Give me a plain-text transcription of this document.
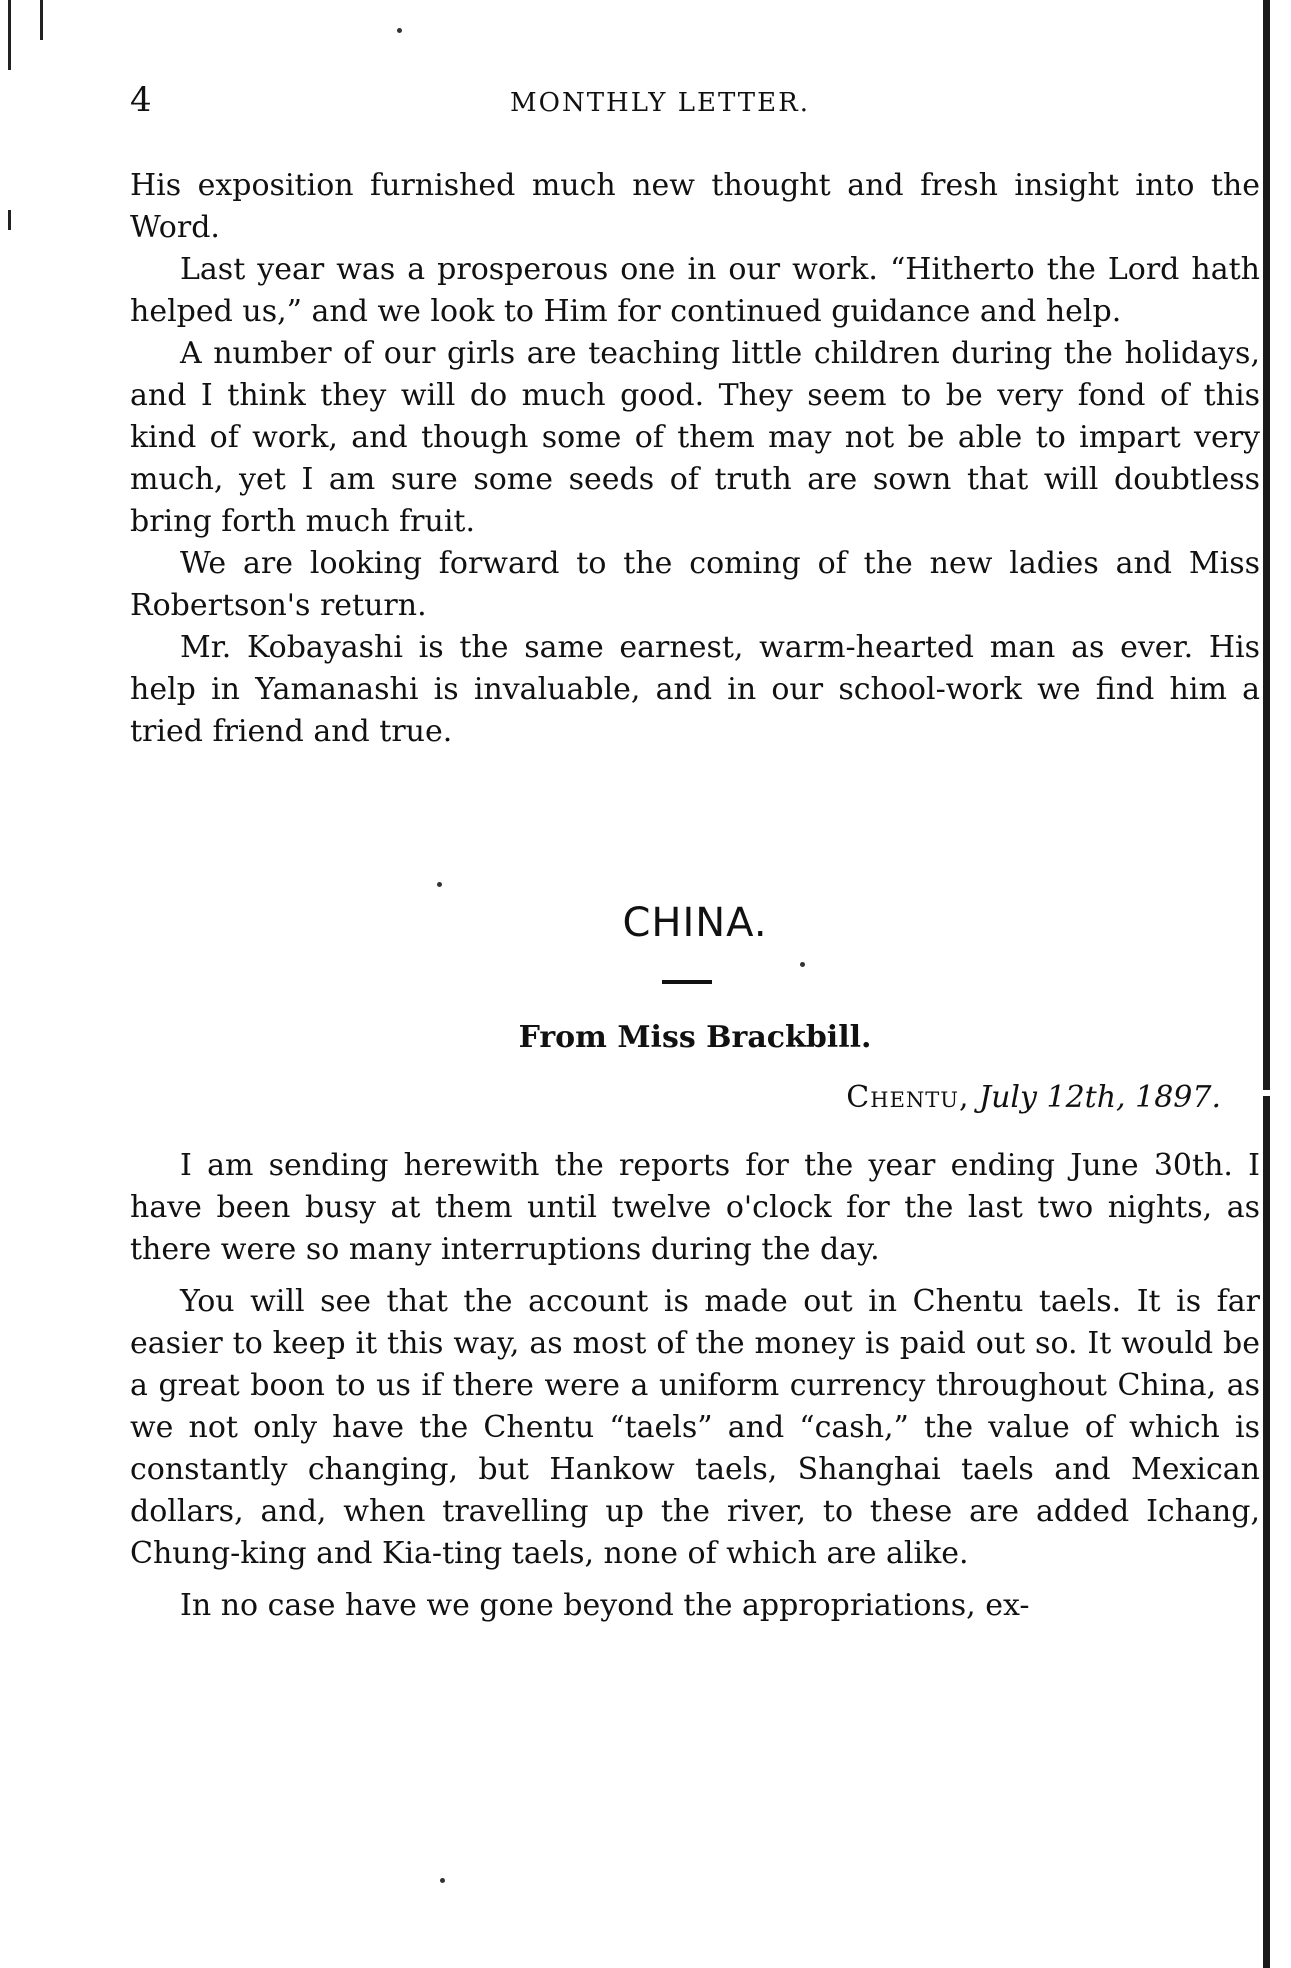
4	MONTHLY LETTER.

His exposition furnished much new thought and fresh insight into the Word.

Last year was a prosperous one in our work. “Hitherto the Lord hath helped us,” and we look to Him for continued guidance and help.

A number of our girls are teaching little children during the holidays, and I think they will do much good. They seem to be very fond of this kind of work, and though some of them may not be able to impart very much, yet I am sure some seeds of truth are sown that will doubtless bring forth much fruit.

We are looking forward to the coming of the new ladies and Miss Robertson's return.

Mr. Kobayashi is the same earnest, warm-hearted man as ever. His help in Yamanashi is invaluable, and in our school-work we find him a tried friend and true.

CHINA.
From Miss Brackbill.
Chentu, July 12th, 1897.

I am sending herewith the reports for the year ending June 30th. I have been busy at them until twelve o'clock for the last two nights, as there were so many interruptions during the day.

You will see that the account is made out in Chentu taels. It is far easier to keep it this way, as most of the money is paid out so. It would be a great boon to us if there were a uniform currency throughout China, as we not only have the Chentu “taels” and “cash,” the value of which is constantly changing, but Hankow taels, Shanghai taels and Mexican dollars, and, when travelling up the river, to these are added Ichang, Chung-king and Kia-ting taels, none of which are alike.

In no case have we gone beyond the appropriations, ex-
